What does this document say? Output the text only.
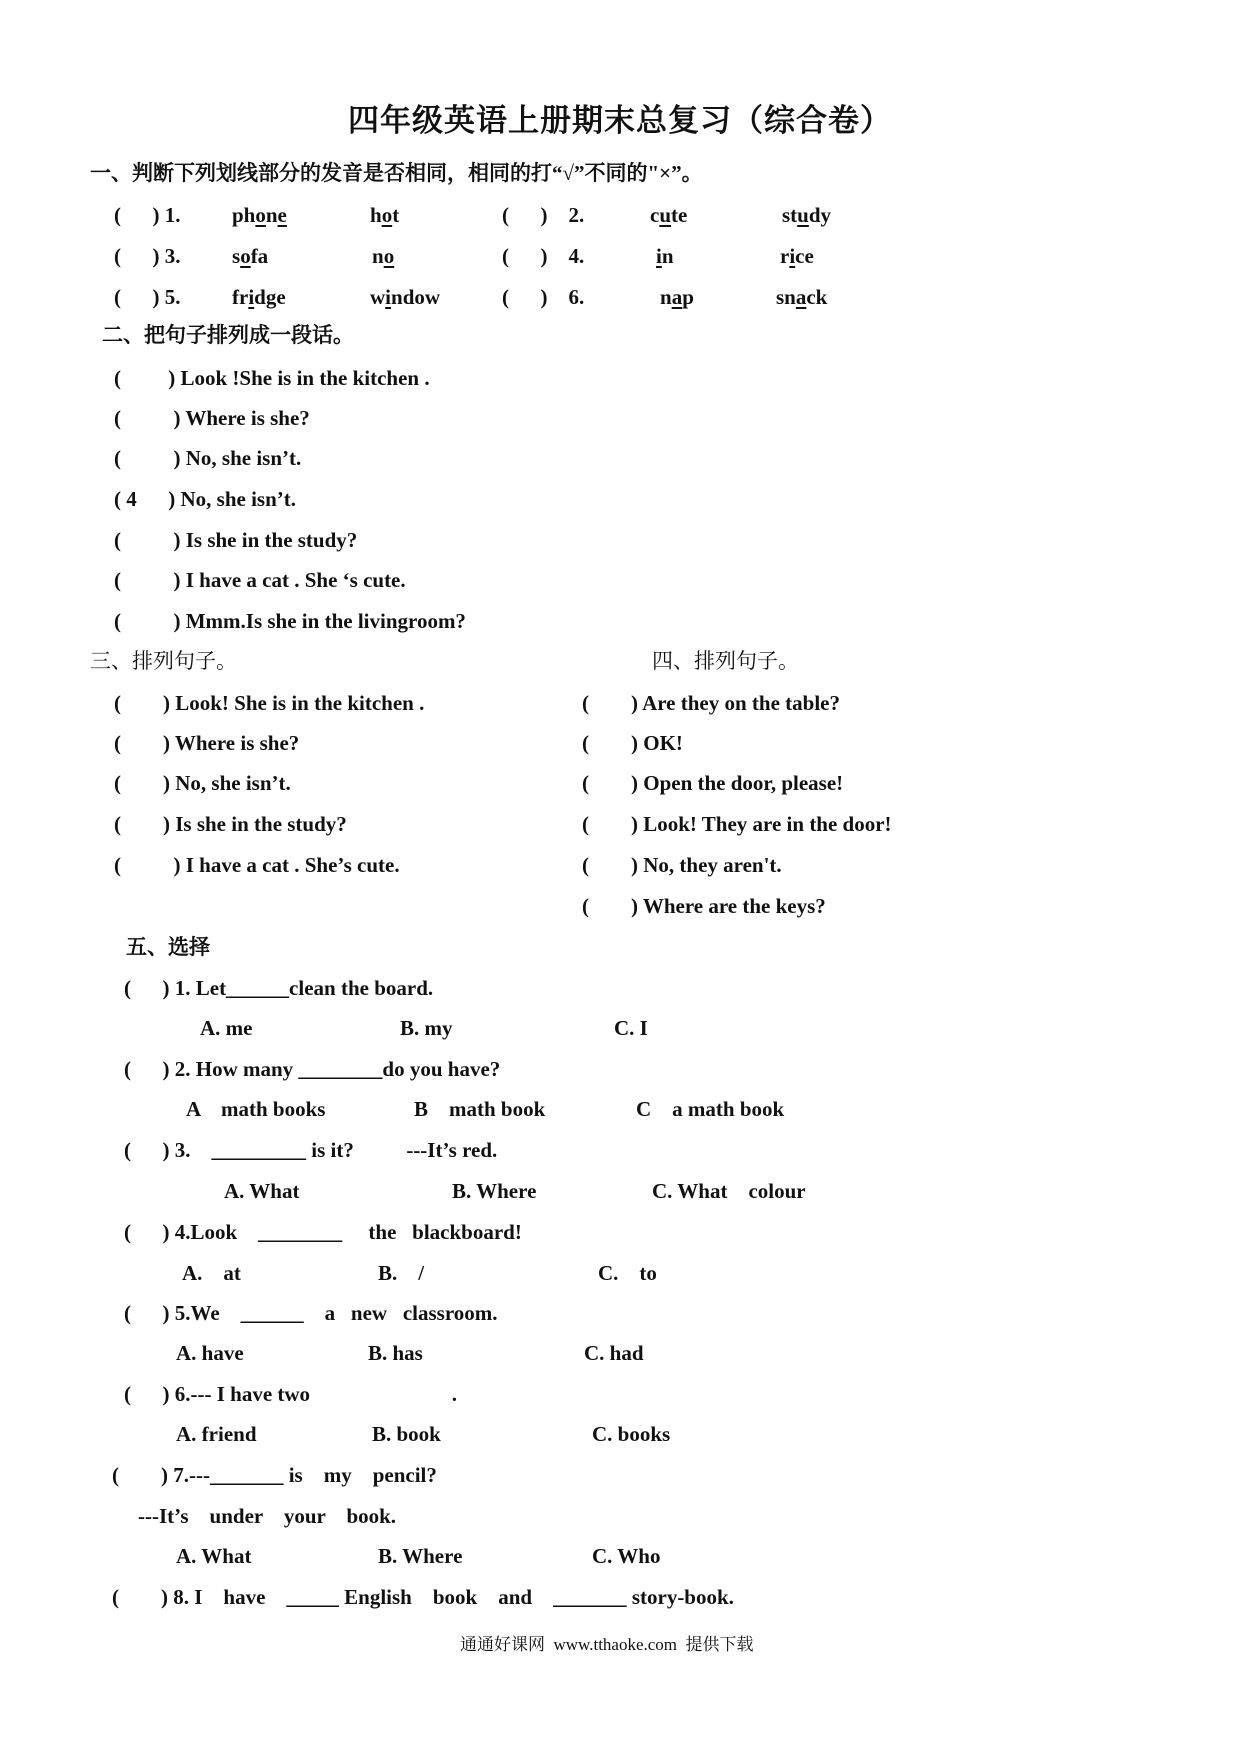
四年级英语上册期末总复习（综合卷）
一、判断下列划线部分的发音是否相同，相同的打“√”不同的"×”。
(      ) 1. phone	hot	(      )    2.	cute	study
(      ) 3. sofa	no	(      )    4.	in	rice
(      ) 5. fridge	window	(      )    6.	nap	snack
二、把句子排列成一段话。
(         ) Look !She is in the kitchen .
(          ) Where is she?
(          ) No, she isn’t.
( 4      ) No, she isn’t.
(          ) Is she in the study?
(          ) I have a cat . She ‘s cute.
(          ) Mmm.Is she in the livingroom?
三、排列句子。
(        ) Look! She is in the kitchen .
(        ) Where is she?
(        ) No, she isn’t.
(        ) Is she in the study?
(          ) I have a cat . She’s cute.
四、排列句子。
(        ) Are they on the table?
(        ) OK!
(        ) Open the door, please!
(        ) Look! They are in the door!
(        ) No, they aren't.
(        ) Where are the keys?
五、选择
(      ) 1. Let______clean the board.
A. me	B. my	C. I
(      ) 2. How many ________do you have?
A    math books	B    math book	C    a math book
(      ) 3.    _________ is it?          ---It’s red.
A. What	B. Where	C. What    colour
(      ) 4.Look    ________     the   blackboard!
A.    at	B.    /	C.    to
(      ) 5.We    ______    a   new   classroom.
A. have	B. has	C. had
(      ) 6.--- I have two                           .
A. friend	B. book	C. books
(        ) 7.---_______ is    my    pencil?
---It’s    under    your    book.
A. What	B. Where	C. Who
(        ) 8. I    have    _____ English    book    and    _______ story-book.
通通好课网  www.tthaoke.com  提供下载
